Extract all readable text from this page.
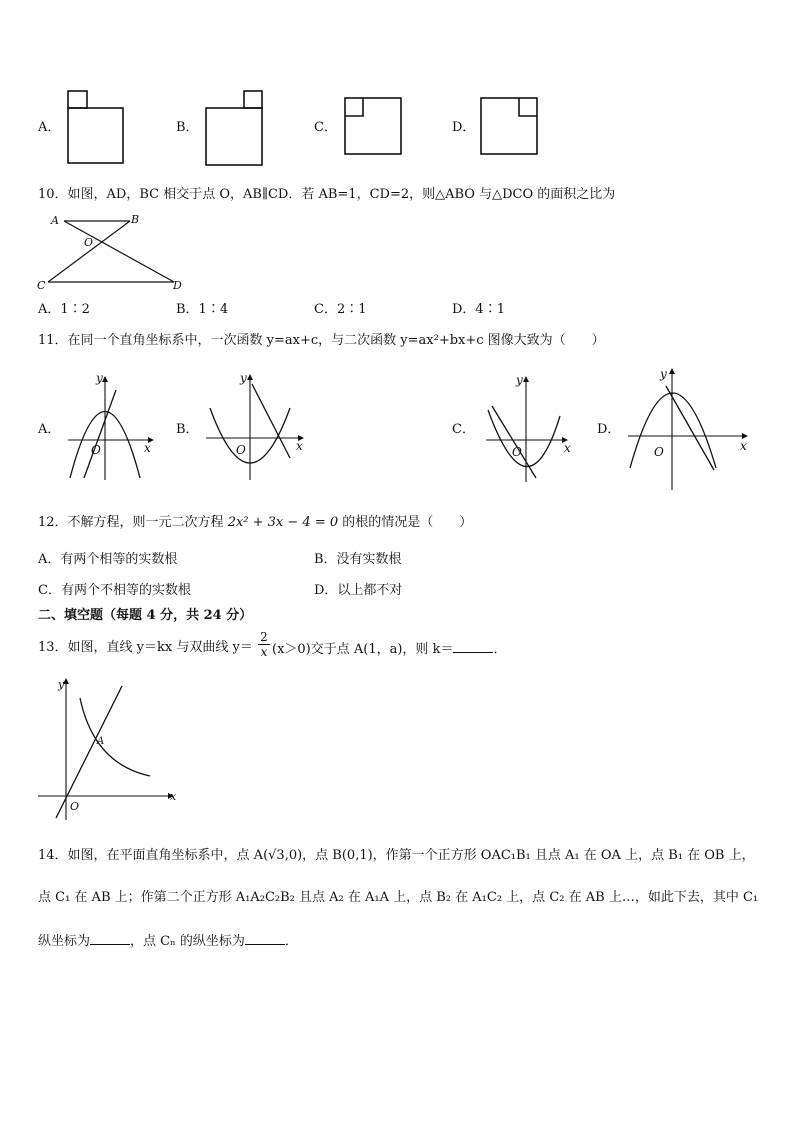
A．	B．	C．	D．
10．如图，AD，BC 相交于点 O，AB∥CD．若 AB=1，CD=2，则△ABO 与△DCO 的面积之比为
A	B
O
C	D
A．1∶2	B．1∶4	C．2∶1	D．4∶1
11．在同一个直角坐标系中，一次函数 y=ax+c，与二次函数 y=ax²+bx+c 图像大致为（　　）
A．
y
x
O
B．
y
x
O
C．
y
x
O
D．
y
x
O
12．不解方程，则一元二次方程 2x² + 3x − 4 = 0 的根的情况是（　　）
A．有两个相等的实数根	B．没有实数根
C．有两个不相等的实数根	D．以上都不对
二、填空题（每题 4 分，共 24 分）
13．如图，直线 y＝kx 与双曲线 $y= \frac{2}{x} (x>0)$交于点 A(1，a)，则 k＝	．
y
x
O
A
14．如图，在平面直角坐标系中，点 A(√3,0)，点 B(0,1)，作第一个正方形 OAC₁B₁ 且点 A₁ 在 OA 上，点 B₁ 在 OB 上，
点 C₁ 在 AB 上；作第二个正方形 A₁A₂C₂B₂ 且点 A₂ 在 A₁A 上，点 B₂ 在 A₁C₂ 上，点 C₂ 在 AB 上…，如此下去，其中 C₁
纵坐标为	，点 Cₙ 的纵坐标为	．
